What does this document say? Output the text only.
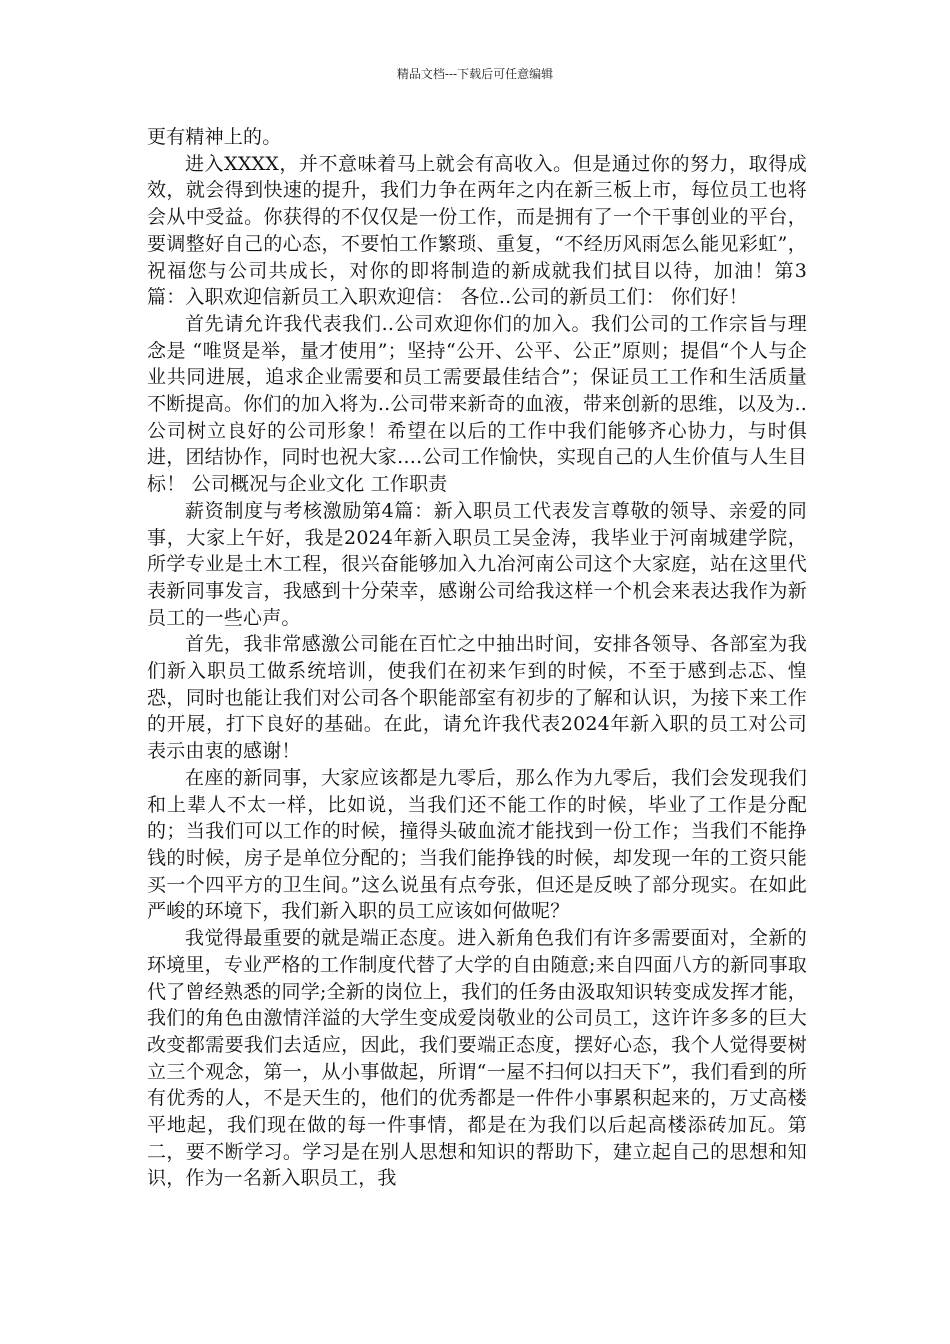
精品文档---下载后可任意编辑

更有精神上的。

进入XXXX，并不意味着马上就会有高收入。但是通过你的努力，取得成效，就会得到快速的提升，我们力争在两年之内在新三板上市，每位员工也将会从中受益。你获得的不仅仅是一份工作，而是拥有了一个干事创业的平台，要调整好自己的心态，不要怕工作繁琐、重复，“不经历风雨怎么能见彩虹”，祝福您与公司共成长，对你的即将制造的新成就我们拭目以待，加油！第3篇：入职欢迎信新员工入职欢迎信： 各位..公司的新员工们： 你们好！

首先请允许我代表我们..公司欢迎你们的加入。我们公司的工作宗旨与理念是 “唯贤是举，量才使用”；坚持“公开、公平、公正”原则；提倡“个人与企业共同进展，追求企业需要和员工需要最佳结合”；保证员工工作和生活质量不断提高。你们的加入将为..公司带来新奇的血液，带来创新的思维，以及为..公司树立良好的公司形象！希望在以后的工作中我们能够齐心协力，与时俱进，团结协作，同时也祝大家….公司工作愉快，实现自己的人生价值与人生目标！ 公司概况与企业文化 工作职责

薪资制度与考核激励第4篇：新入职员工代表发言尊敬的领导、亲爱的同事，大家上午好，我是2024年新入职员工吴金涛，我毕业于河南城建学院，所学专业是土木工程，很兴奋能够加入九冶河南公司这个大家庭，站在这里代表新同事发言，我感到十分荣幸，感谢公司给我这样一个机会来表达我作为新员工的一些心声。

首先，我非常感激公司能在百忙之中抽出时间，安排各领导、各部室为我们新入职员工做系统培训，使我们在初来乍到的时候，不至于感到忐忑、惶恐，同时也能让我们对公司各个职能部室有初步的了解和认识，为接下来工作的开展，打下良好的基础。在此，请允许我代表2024年新入职的员工对公司表示由衷的感谢！

在座的新同事，大家应该都是九零后，那么作为九零后，我们会发现我们和上辈人不太一样，比如说，当我们还不能工作的时候，毕业了工作是分配的；当我们可以工作的时候，撞得头破血流才能找到一份工作；当我们不能挣钱的时候，房子是单位分配的；当我们能挣钱的时候，却发现一年的工资只能买一个四平方的卫生间。”这么说虽有点夸张，但还是反映了部分现实。在如此严峻的环境下，我们新入职的员工应该如何做呢？

我觉得最重要的就是端正态度。进入新角色我们有许多需要面对，全新的环境里，专业严格的工作制度代替了大学的自由随意;来自四面八方的新同事取代了曾经熟悉的同学;全新的岗位上，我们的任务由汲取知识转变成发挥才能，我们的角色由激情洋溢的大学生变成爱岗敬业的公司员工，这许许多多的巨大改变都需要我们去适应，因此，我们要端正态度，摆好心态，我个人觉得要树立三个观念，第一，从小事做起，所谓“一屋不扫何以扫天下”，我们看到的所有优秀的人，不是天生的，他们的优秀都是一件件小事累积起来的，万丈高楼平地起，我们现在做的每一件事情，都是在为我们以后起高楼添砖加瓦。第二，要不断学习。学习是在别人思想和知识的帮助下，建立起自己的思想和知识，作为一名新入职员工，我
